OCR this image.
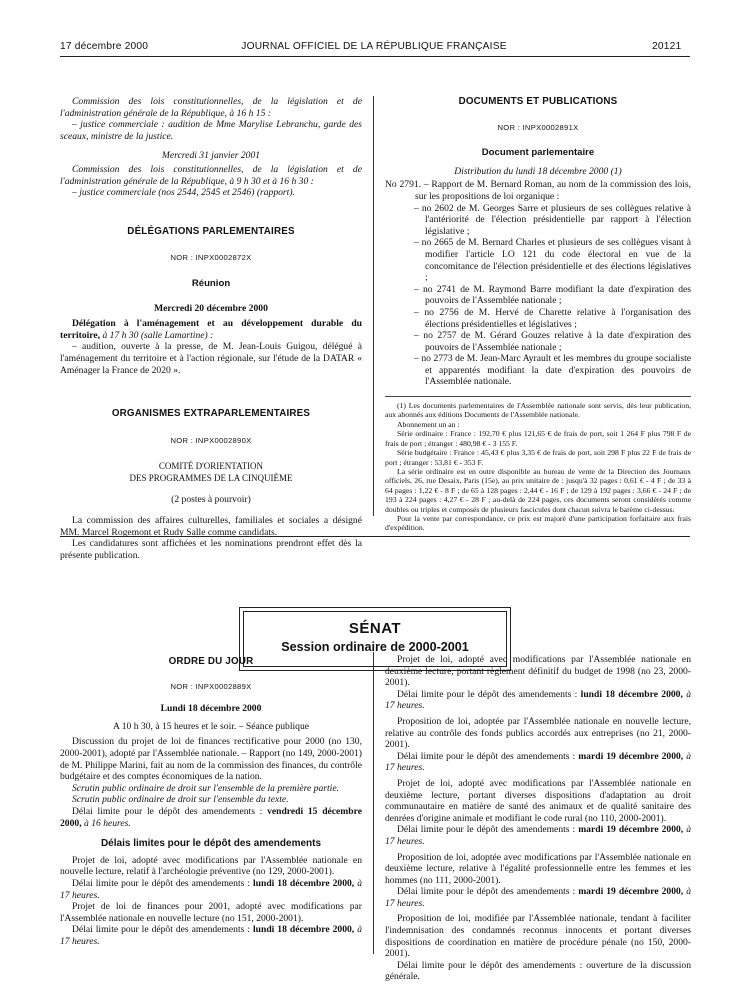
17 décembre 2000	JOURNAL OFFICIEL DE LA RÉPUBLIQUE FRANÇAISE	20121

Commission des lois constitutionnelles, de la législation et de l'administration générale de la République, à 16 h 15 :

– justice commerciale : audition de Mme Marylise Lebranchu, garde des sceaux, ministre de la justice.

Mercredi 31 janvier 2001

Commission des lois constitutionnelles, de la législation et de l'administration générale de la République, à 9 h 30 et à 16 h 30 :

– justice commerciale (nos 2544, 2545 et 2546) (rapport).

DÉLÉGATIONS PARLEMENTAIRES
NOR : INPX0002872X
Réunion

Mercredi 20 décembre 2000

Délégation à l'aménagement et au développement durable du territoire, à 17 h 30 (salle Lamartine) :

– audition, ouverte à la presse, de M. Jean-Louis Guigou, délégué à l'aménagement du territoire et à l'action régionale, sur l'étude de la DATAR « Aménager la France de 2020 ».

ORGANISMES EXTRAPARLEMENTAIRES
NOR : INPX0002890X

COMITÉ D'ORIENTATION

DES PROGRAMMES DE LA CINQUIÈME

(2 postes à pourvoir)

La commission des affaires culturelles, familiales et sociales a désigné MM. Marcel Rogemont et Rudy Salle comme candidats.

Les candidatures sont affichées et les nominations prendront effet dès la présente publication.

DOCUMENTS ET PUBLICATIONS
NOR : INPX0002891X
Document parlementaire

Distribution du lundi 18 décembre 2000 (1)

No 2791. – Rapport de M. Bernard Roman, au nom de la commission des lois, sur les propositions de loi organique :

– no 2602 de M. Georges Sarre et plusieurs de ses collègues relative à l'antériorité de l'élection présidentielle par rapport à l'élection législative ;

– no 2665 de M. Bernard Charles et plusieurs de ses collègues visant à modifier l'article LO 121 du code électoral en vue de la concomitance de l'élection présidentielle et des élections législatives ;

– no 2741 de M. Raymond Barre modifiant la date d'expiration des pouvoirs de l'Assemblée nationale ;

– no 2756 de M. Hervé de Charette relative à l'organisation des élections présidentielles et législatives ;

– no 2757 de M. Gérard Gouzes relative à la date d'expiration des pouvoirs de l'Assemblée nationale ;

– no 2773 de M. Jean-Marc Ayrault et les membres du groupe socialiste et apparentés modifiant la date d'expiration des pouvoirs de l'Assemblée nationale.

(1) Les documents parlementaires de l'Assemblée nationale sont servis, dès leur publication, aux abonnés aux éditions Documents de l'Assemblée nationale.

Abonnement un an :

Série ordinaire : France : 192,70 € plus 121,65 € de frais de port, soit 1 264 F plus 798 F de frais de port ; étranger : 480,98 € - 3 155 F.

Série budgétaire : France : 45,43 € plus 3,35 € de frais de port, soit 298 F plus 22 F de frais de port ; étranger : 53,81 € - 353 F.

La série ordinaire est en outre disponible au bureau de vente de la Direction des Journaux officiels, 26, rue Desaix, Paris (15e), au prix unitaire de : jusqu'à 32 pages : 0,61 € - 4 F ; de 33 à 64 pages : 1,22 € - 8 F ; de 65 à 128 pages : 2,44 € - 16 F ; de 129 à 192 pages : 3,66 € - 24 F ; de 193 à 224 pages : 4,27 € - 28 F ; au-delà de 224 pages, ces documents seront considérés comme doubles ou triples et composés de plusieurs fascicules dont chacun suivra le barème ci-dessus.

Pour la vente par correspondance, ce prix est majoré d'une participation forfaitaire aux frais d'expédition.

SÉNAT
Session ordinaire de 2000-2001
ORDRE DU JOUR
NOR : INPX0002889X

Lundi 18 décembre 2000

A 10 h 30, à 15 heures et le soir. – Séance publique

Discussion du projet de loi de finances rectificative pour 2000 (no 130, 2000-2001), adopté par l'Assemblée nationale. – Rapport (no 149, 2000-2001) de M. Philippe Marini, fait au nom de la commission des finances, du contrôle budgétaire et des comptes économiques de la nation.

Scrutin public ordinaire de droit sur l'ensemble de la première partie.

Scrutin public ordinaire de droit sur l'ensemble du texte.

Délai limite pour le dépôt des amendements : vendredi 15 décembre 2000, à 16 heures.

Délais limites pour le dépôt des amendements

Projet de loi, adopté avec modifications par l'Assemblée nationale en nouvelle lecture, relatif à l'archéologie préventive (no 129, 2000-2001).

Délai limite pour le dépôt des amendements : lundi 18 décembre 2000, à 17 heures.

Projet de loi de finances pour 2001, adopté avec modifications par l'Assemblée nationale en nouvelle lecture (no 151, 2000-2001).

Délai limite pour le dépôt des amendements : lundi 18 décembre 2000, à 17 heures.

Projet de loi, adopté avec modifications par l'Assemblée nationale en deuxième lecture, portant règlement définitif du budget de 1998 (no 23, 2000-2001).

Délai limite pour le dépôt des amendements : lundi 18 décembre 2000, à 17 heures.

Proposition de loi, adoptée par l'Assemblée nationale en nouvelle lecture, relative au contrôle des fonds publics accordés aux entreprises (no 21, 2000-2001).

Délai limite pour le dépôt des amendements : mardi 19 décembre 2000, à 17 heures.

Projet de loi, adopté avec modifications par l'Assemblée nationale en deuxième lecture, portant diverses dispositions d'adaptation au droit communautaire en matière de santé des animaux et de qualité sanitaire des denrées d'origine animale et modifiant le code rural (no 110, 2000-2001).

Délai limite pour le dépôt des amendements : mardi 19 décembre 2000, à 17 heures.

Proposition de loi, adoptée avec modifications par l'Assemblée nationale en deuxième lecture, relative à l'égalité professionnelle entre les femmes et les hommes (no 111, 2000-2001).

Délai limite pour le dépôt des amendements : mardi 19 décembre 2000, à 17 heures.

Proposition de loi, modifiée par l'Assemblée nationale, tendant à faciliter l'indemnisation des condamnés reconnus innocents et portant diverses dispositions de coordination en matière de procédure pénale (no 150, 2000-2001).

Délai limite pour le dépôt des amendements : ouverture de la discussion générale.
